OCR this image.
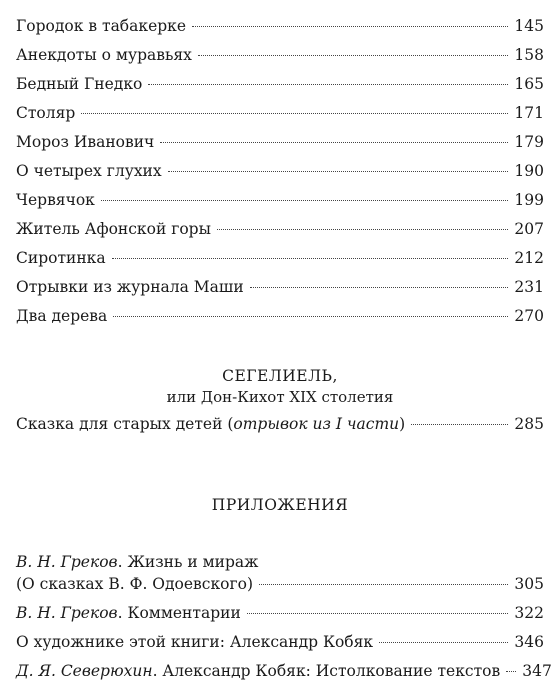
Городок в табакерке	145
Анекдоты о муравьях	158
Бедный Гнедко	165
Столяр	171
Мороз Иванович	179
О четырех глухих	190
Червячок	199
Житель Афонской горы	207
Сиротинка	212
Отрывки из журнала Маши	231
Два дерева	270
СЕГЕЛИЕЛЬ,
или Дон-Кихот XIX столетия
Сказка для старых детей (отрывок из I части)	285
ПРИЛОЖЕНИЯ
В. Н. Греков. Жизнь и мираж
(О сказках В. Ф. Одоевского)	305
В. Н. Греков. Комментарии	322
О художнике этой книги: Александр Кобяк	346
Д. Я. Северюхин. Александр Кобяк: Истолкование текстов 347
